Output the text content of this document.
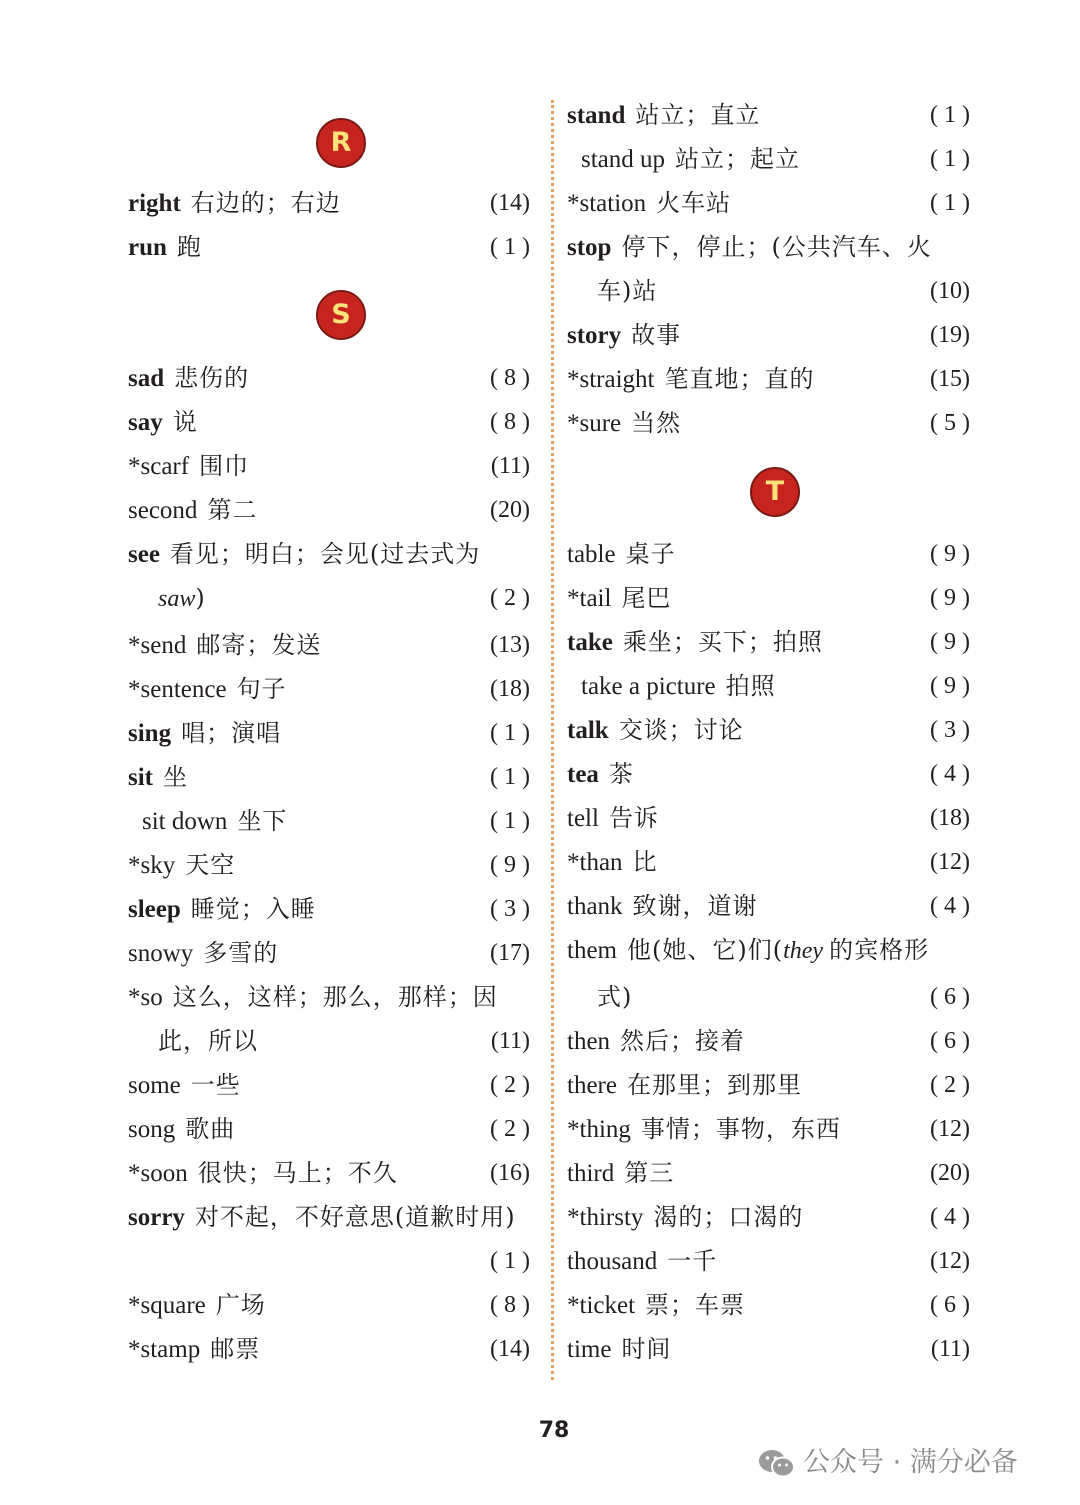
R
right 右边的；右边	(14)
run 跑	( 1 )
S
sad 悲伤的	( 8 )
say 说	( 8 )
*scarf 围巾	(11)
second 第二	(20)
see 看见；明白；会见(过去式为
saw)	( 2 )
*send 邮寄；发送	(13)
*sentence 句子	(18)
sing 唱；演唱	( 1 )
sit 坐	( 1 )
sit down 坐下	( 1 )
*sky 天空	( 9 )
sleep 睡觉；入睡	( 3 )
snowy 多雪的	(17)
*so 这么，这样；那么，那样；因
此，所以	(11)
some 一些	( 2 )
song 歌曲	( 2 )
*soon 很快；马上；不久	(16)
sorry 对不起，不好意思(道歉时用)
( 1 )
*square 广场	( 8 )
*stamp 邮票	(14)
stand 站立；直立	( 1 )
stand up 站立；起立	( 1 )
*station 火车站	( 1 )
stop 停下，停止；(公共汽车、火
车)站	(10)
story 故事	(19)
*straight 笔直地；直的	(15)
*sure 当然	( 5 )
T
table 桌子	( 9 )
*tail 尾巴	( 9 )
take 乘坐；买下；拍照	( 9 )
take a picture 拍照	( 9 )
talk 交谈；讨论	( 3 )
tea 茶	( 4 )
tell 告诉	(18)
*than 比	(12)
thank 致谢，道谢	( 4 )
them 他(她、它)们(they 的宾格形
式)	( 6 )
then 然后；接着	( 6 )
there 在那里；到那里	( 2 )
*thing 事情；事物，东西	(12)
third 第三	(20)
*thirsty 渴的；口渴的	( 4 )
thousand 一千	(12)
*ticket 票；车票	( 6 )
time 时间	(11)
78
公众号 · 满分必备
